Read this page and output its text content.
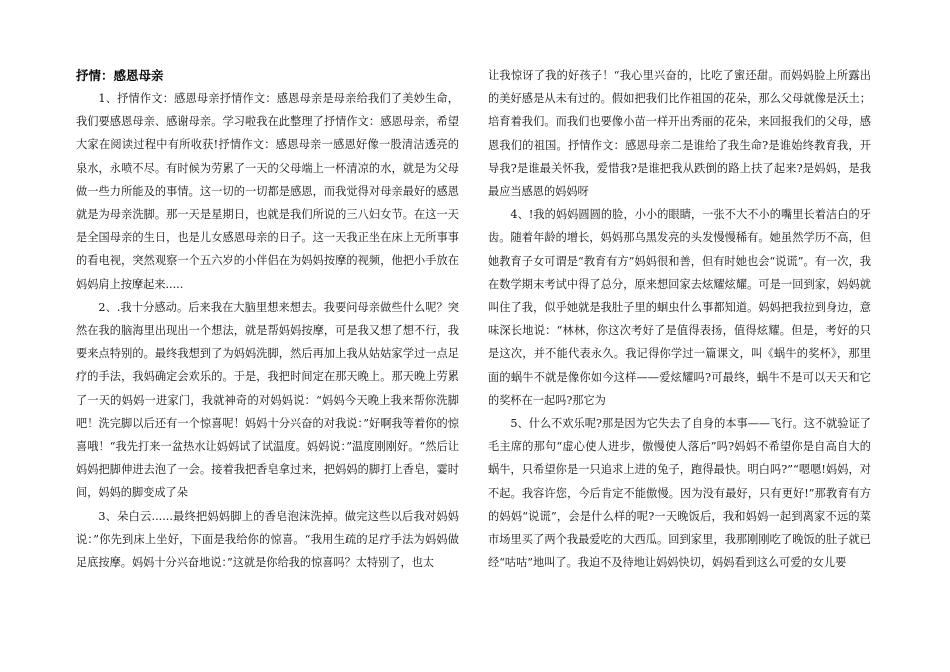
抒情：感恩母亲

1、抒情作文：感恩母亲抒情作文：感恩母亲是母亲给我们了美妙生命，我们要感恩母亲、感谢母亲。学习啦我在此整理了抒情作文：感恩母亲，希望大家在阅读过程中有所收获!抒情作文：感恩母亲一感恩好像一股清洁透亮的泉水，永喷不尽。有时候为劳累了一天的父母端上一杯清凉的水，就是为父母做一些力所能及的事情。这一切的一切都是感恩，而我觉得对母亲最好的感恩就是为母亲洗脚。那一天是星期日，也就是我们所说的三八妇女节。在这一天是全国母亲的生日，也是儿女感恩母亲的日子。这一天我正坐在床上无所事事的看电视，突然观察一个五六岁的小伴侣在为妈妈按摩的视频，他把小手放在妈妈肩上按摩起来.....

2、.我十分感动。后来我在大脑里想来想去。我要问母亲做些什么呢？突然在我的脑海里出现出一个想法，就是帮妈妈按摩，可是我又想了想不行，我要来点特别的。最终我想到了为妈妈洗脚，然后再加上我从姑姑家学过一点足疗的手法，我妈确定会欢乐的。于是，我把时间定在那天晚上。那天晚上劳累了一天的妈妈一进家门，我就神奇的对妈妈说：“妈妈今天晚上我来帮你洗脚吧！洗完脚以后还有一个惊喜呢！妈妈十分兴奋的对我说：”好啊我等着你的惊喜哦！“我先打来一盆热水让妈妈试了试温度。妈妈说：”温度刚刚好。“然后让妈妈把脚伸进去泡了一会。接着我把香皂拿过来，把妈妈的脚打上香皂，霎时间，妈妈的脚变成了朵

3、朵白云......最终把妈妈脚上的香皂泡沫洗掉。做完这些以后我对妈妈说：”你先到床上坐好，下面是我给你的惊喜。“我用生疏的足疗手法为妈妈做足底按摩。妈妈十分兴奋地说：”这就是你给我的惊喜吗？太特别了，也太

让我惊讶了我的好孩子！“我心里兴奋的，比吃了蜜还甜。而妈妈脸上所露出的美好感是从未有过的。假如把我们比作祖国的花朵，那么父母就像是沃土；培育着我们。而我们也要像小苗一样开出秀丽的花朵，来回报我们的父母，感恩我们的祖国。抒情作文：感恩母亲二是谁给了我生命?是谁始终教育我，开导我?是谁最关怀我，爱惜我?是谁把我从跌倒的路上扶了起来?是妈妈，是我最应当感恩的妈妈呀

4、!我的妈妈圆圆的脸，小小的眼睛，一张不大不小的嘴里长着洁白的牙齿。随着年龄的增长，妈妈那乌黑发亮的头发慢慢稀有。她虽然学历不高，但她教育子女可谓是“教育有方”妈妈很和善，但有时她也会“说谎”。有一次，我在数学期末考试中得了总分，原来想回家去炫耀炫耀。可是一回到家，妈妈就叫住了我，似乎她就是我肚子里的蛔虫什么事都知道。妈妈把我拉到身边，意味深长地说：“林林，你这次考好了是值得表扬，值得炫耀。但是，考好的只是这次，并不能代表永久。我记得你学过一篇课文，叫《蜗牛的奖杯》，那里面的蜗牛不就是像你如今这样——爱炫耀吗?可最终，蜗牛不是可以天天和它的奖杯在一起吗?那它为

5、什么不欢乐呢?那是因为它失去了自身的本事——飞行。这不就验证了毛主席的那句“虚心使人进步，傲慢使人落后”吗?妈妈不希望你是自高自大的蜗牛，只希望你是一只追求上进的兔子，跑得最快。明白吗?”“嗯嗯!妈妈，对不起。我容许您，今后肯定不能傲慢。因为没有最好，只有更好!”那教育有方的妈妈“说谎”，会是什么样的呢?一天晚饭后，我和妈妈一起到离家不远的菜市场里买了两个我最爱吃的大西瓜。回到家里，我那刚刚吃了晚饭的肚子就已经“咕咕”地叫了。我迫不及待地让妈妈快切，妈妈看到这么可爱的女儿要
